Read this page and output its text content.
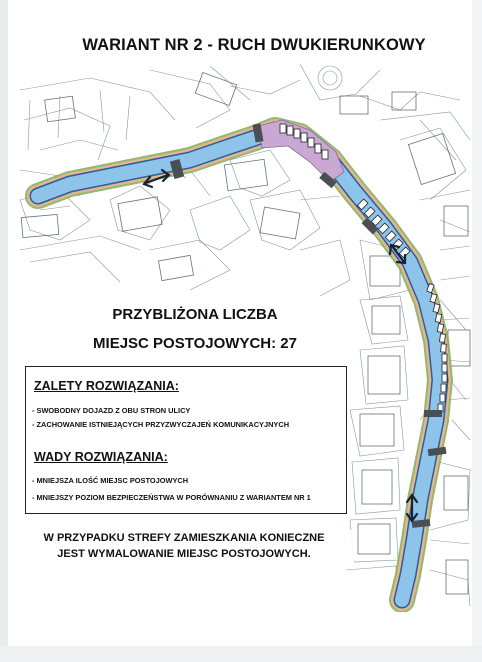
WARIANT NR 2 - RUCH DWUKIERUNKOWY
PRZYBLIŻONA LICZBA
MIEJSC POSTOJOWYCH: 27
ZALETY ROZWIĄZANIA:
- SWOBODNY DOJAZD Z OBU STRON ULICY
- ZACHOWANIE ISTNIEJĄCYCH PRZYZWYCZAJEŃ KOMUNIKACYJNYCH
WADY ROZWIĄZANIA:
- MNIEJSZA ILOŚĆ MIEJSC POSTOJOWYCH
- MNIEJSZY POZIOM BEZPIECZEŃSTWA W PORÓWNANIU Z WARIANTEM NR 1
W PRZYPADKU STREFY ZAMIESZKANIA KONIECZNE
JEST WYMALOWANIE MIEJSC POSTOJOWYCH.
